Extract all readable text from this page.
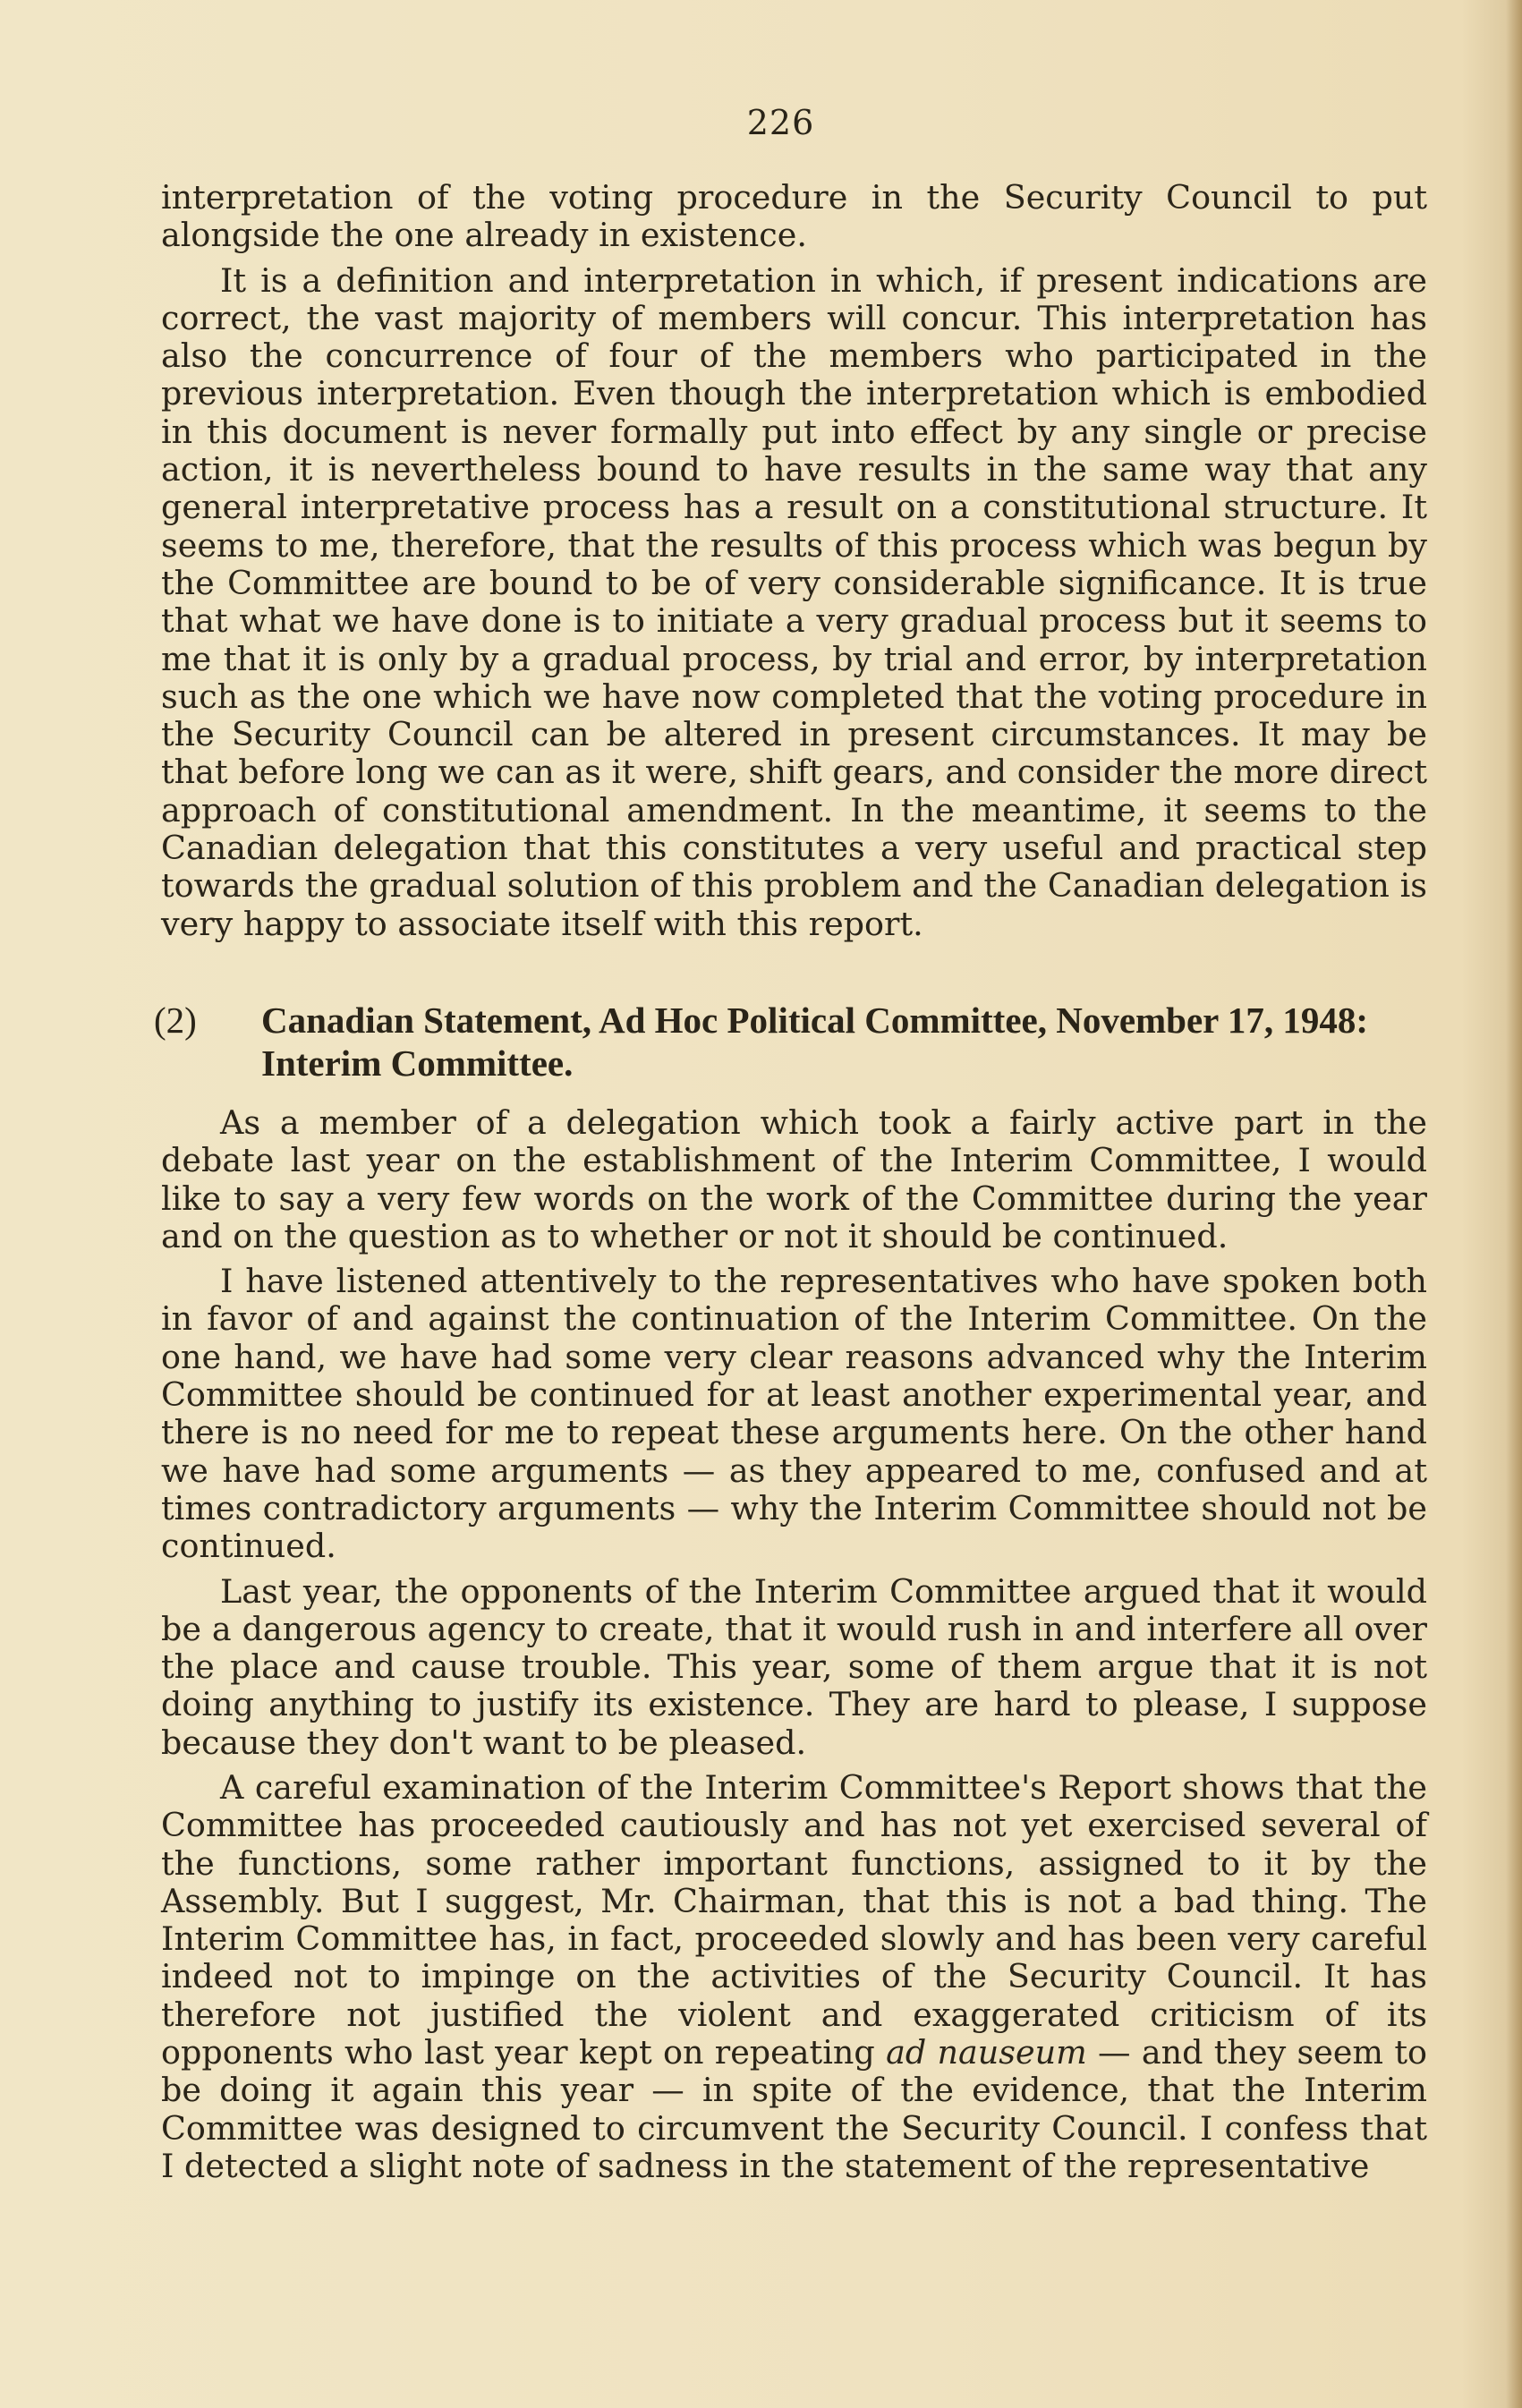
226

interpretation of the voting procedure in the Security Council to put alongside the one already in existence.

It is a definition and interpretation in which, if present indications are correct, the vast majority of members will concur. This interpretation has also the concurrence of four of the members who participated in the previous interpretation. Even though the interpretation which is embodied in this document is never formally put into effect by any single or precise action, it is nevertheless bound to have results in the same way that any general interpretative process has a result on a constitutional structure. It seems to me, therefore, that the results of this process which was begun by the Committee are bound to be of very considerable significance. It is true that what we have done is to initiate a very gradual process but it seems to me that it is only by a gradual process, by trial and error, by interpretation such as the one which we have now completed that the voting procedure in the Security Council can be altered in present circumstances. It may be that before long we can as it were, shift gears, and consider the more direct approach of constitutional amendment. In the meantime, it seems to the Canadian delegation that this constitutes a very useful and practical step towards the gradual solution of this problem and the Canadian delegation is very happy to associate itself with this report.

(2) Canadian Statement, Ad Hoc Political Committee, November 17, 1948: Interim Committee.

As a member of a delegation which took a fairly active part in the debate last year on the establishment of the Interim Committee, I would like to say a very few words on the work of the Committee during the year and on the question as to whether or not it should be continued.

I have listened attentively to the representatives who have spoken both in favor of and against the continuation of the Interim Committee. On the one hand, we have had some very clear reasons advanced why the Interim Committee should be continued for at least another experimental year, and there is no need for me to repeat these arguments here. On the other hand we have had some arguments — as they appeared to me, confused and at times contradictory arguments — why the Interim Committee should not be continued.

Last year, the opponents of the Interim Committee argued that it would be a dangerous agency to create, that it would rush in and interfere all over the place and cause trouble. This year, some of them argue that it is not doing anything to justify its existence. They are hard to please, I suppose because they don't want to be pleased.

A careful examination of the Interim Committee's Report shows that the Committee has proceeded cautiously and has not yet exercised several of the functions, some rather important functions, assigned to it by the Assembly. But I suggest, Mr. Chairman, that this is not a bad thing. The Interim Committee has, in fact, proceeded slowly and has been very careful indeed not to impinge on the activities of the Security Council. It has therefore not justified the violent and exaggerated criticism of its opponents who last year kept on repeating ad nauseum — and they seem to be doing it again this year — in spite of the evidence, that the Interim Committee was designed to circumvent the Security Council. I confess that I detected a slight note of sadness in the statement of the representative
